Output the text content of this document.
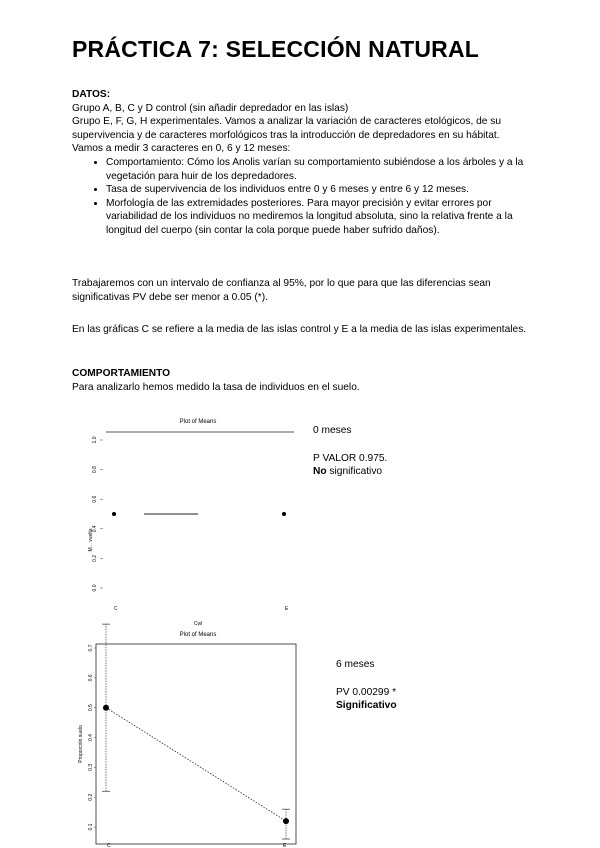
PRÁCTICA 7: SELECCIÓN NATURAL
DATOS:
Grupo A, B, C y D control (sin añadir depredador en las islas)
Grupo E, F, G, H experimentales. Vamos a analizar la variación de caracteres etológicos, de su supervivencia y de caracteres morfológicos tras la introducción de depredadores en su hábitat.
Vamos a medir 3 caracteres en 0, 6 y 12 meses:
• Comportamiento: Cómo los Anolis varían su comportamiento subiéndose a los árboles y a la vegetación para huir de los depredadores.
• Tasa de supervivencia de los individuos entre 0 y 6 meses y entre 6 y 12 meses.
• Morfología de las extremidades posteriores. Para mayor precisión y evitar errores por variabilidad de los individuos no mediremos la longitud absoluta, sino la relativa frente a la longitud del cuerpo (sin contar la cola porque puede haber sufrido daños).
Trabajaremos con un intervalo de confianza al 95%, por lo que para que las diferencias sean significativas PV debe ser menor a 0.05 (*).
En las gráficas C se refiere a la media de las islas control y E a la media de las islas experimentales.
COMPORTAMIENTO
Para analizarlo hemos medido la tasa de individuos en el suelo.
Plot of Means
0.0
0.2
0.4
0.6
0.8
1.0
C	E
Cwl
M... vuelta
0 meses
P VALOR 0.975.
No significativo
Plot of Means
0.1
0.2
0.3
0.4
0.5
0.6
0.7
C	E
Proporción suelo
6 meses
PV 0.00299 *
Significativo
